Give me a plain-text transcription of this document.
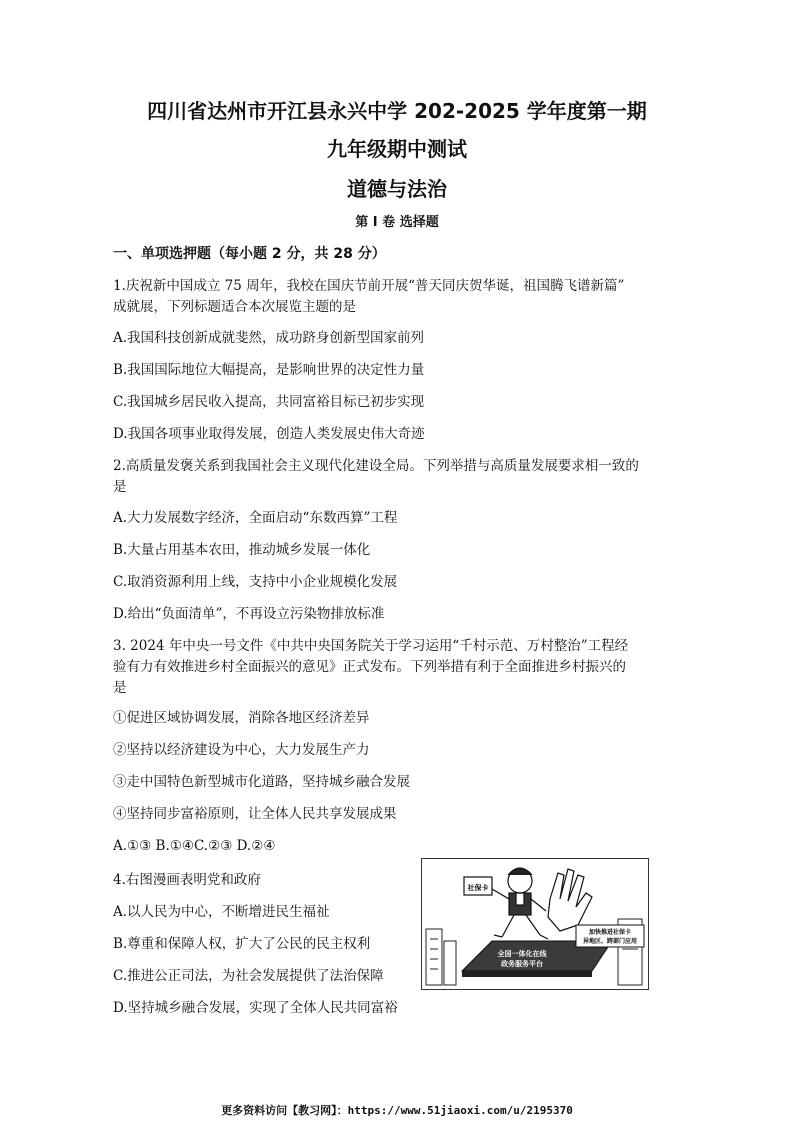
四川省达州市开江县永兴中学 202-2025 学年度第一期
九年级期中测试
道德与法治
第 I 卷 选择题
一、单项选押题（每小题 2 分，共 28 分）
1.庆祝新中国成立 75 周年，我校在国庆节前开展“普天同庆贺华诞，祖国腾飞谱新篇”
成就展，下列标题适合本次展览主题的是
A.我国科技创新成就斐然，成功跻身创新型国家前列
B.我国国际地位大幅提高，是影响世界的决定性力量
C.我国城乡居民收入提高，共同富裕目标已初步实现
D.我国各项事业取得发展，创造人类发展史伟大奇迹
2.高质量发褒关系到我国社会主义现代化建设全局。下列举措与高质量发展要求相一致的
是
A.大力发展数字经济，全面启动“东数西算”工程
B.大量占用基本农田，推动城乡发展一体化
C.取消资源利用上线，支持中小企业规模化发展
D.给出“负面清单”，不再设立污染物排放标准
3. 2024 年中央一号文件《中共中央国务院关于学习运用“千村示范、万村整治”工程经
验有力有效推进乡村全面振兴的意见》正式发布。下列举措有利于全面推进乡村振兴的
是
①促进区域协调发展，消除各地区经济差异
②坚持以经济建设为中心，大力发展生产力
③走中国特色新型城市化道路，坚持城乡融合发展
④坚持同步富裕原则，让全体人民共享发展成果
A.①③ B.①④C.②③ D.②④
4.右图漫画表明党和政府
A.以人民为中心，不断增进民生福祉
B.尊重和保障人权，扩大了公民的民主权利
C.推进公正司法，为社会发展提供了法治保障
D.坚持城乡融合发展，实现了全体人民共同富裕
社保卡
加快推进社保卡
异地区、跨部门应用
全国一体化在线
政务服务平台
更多资料访问【教习网】：https://www.51jiaoxi.com/u/2195370
